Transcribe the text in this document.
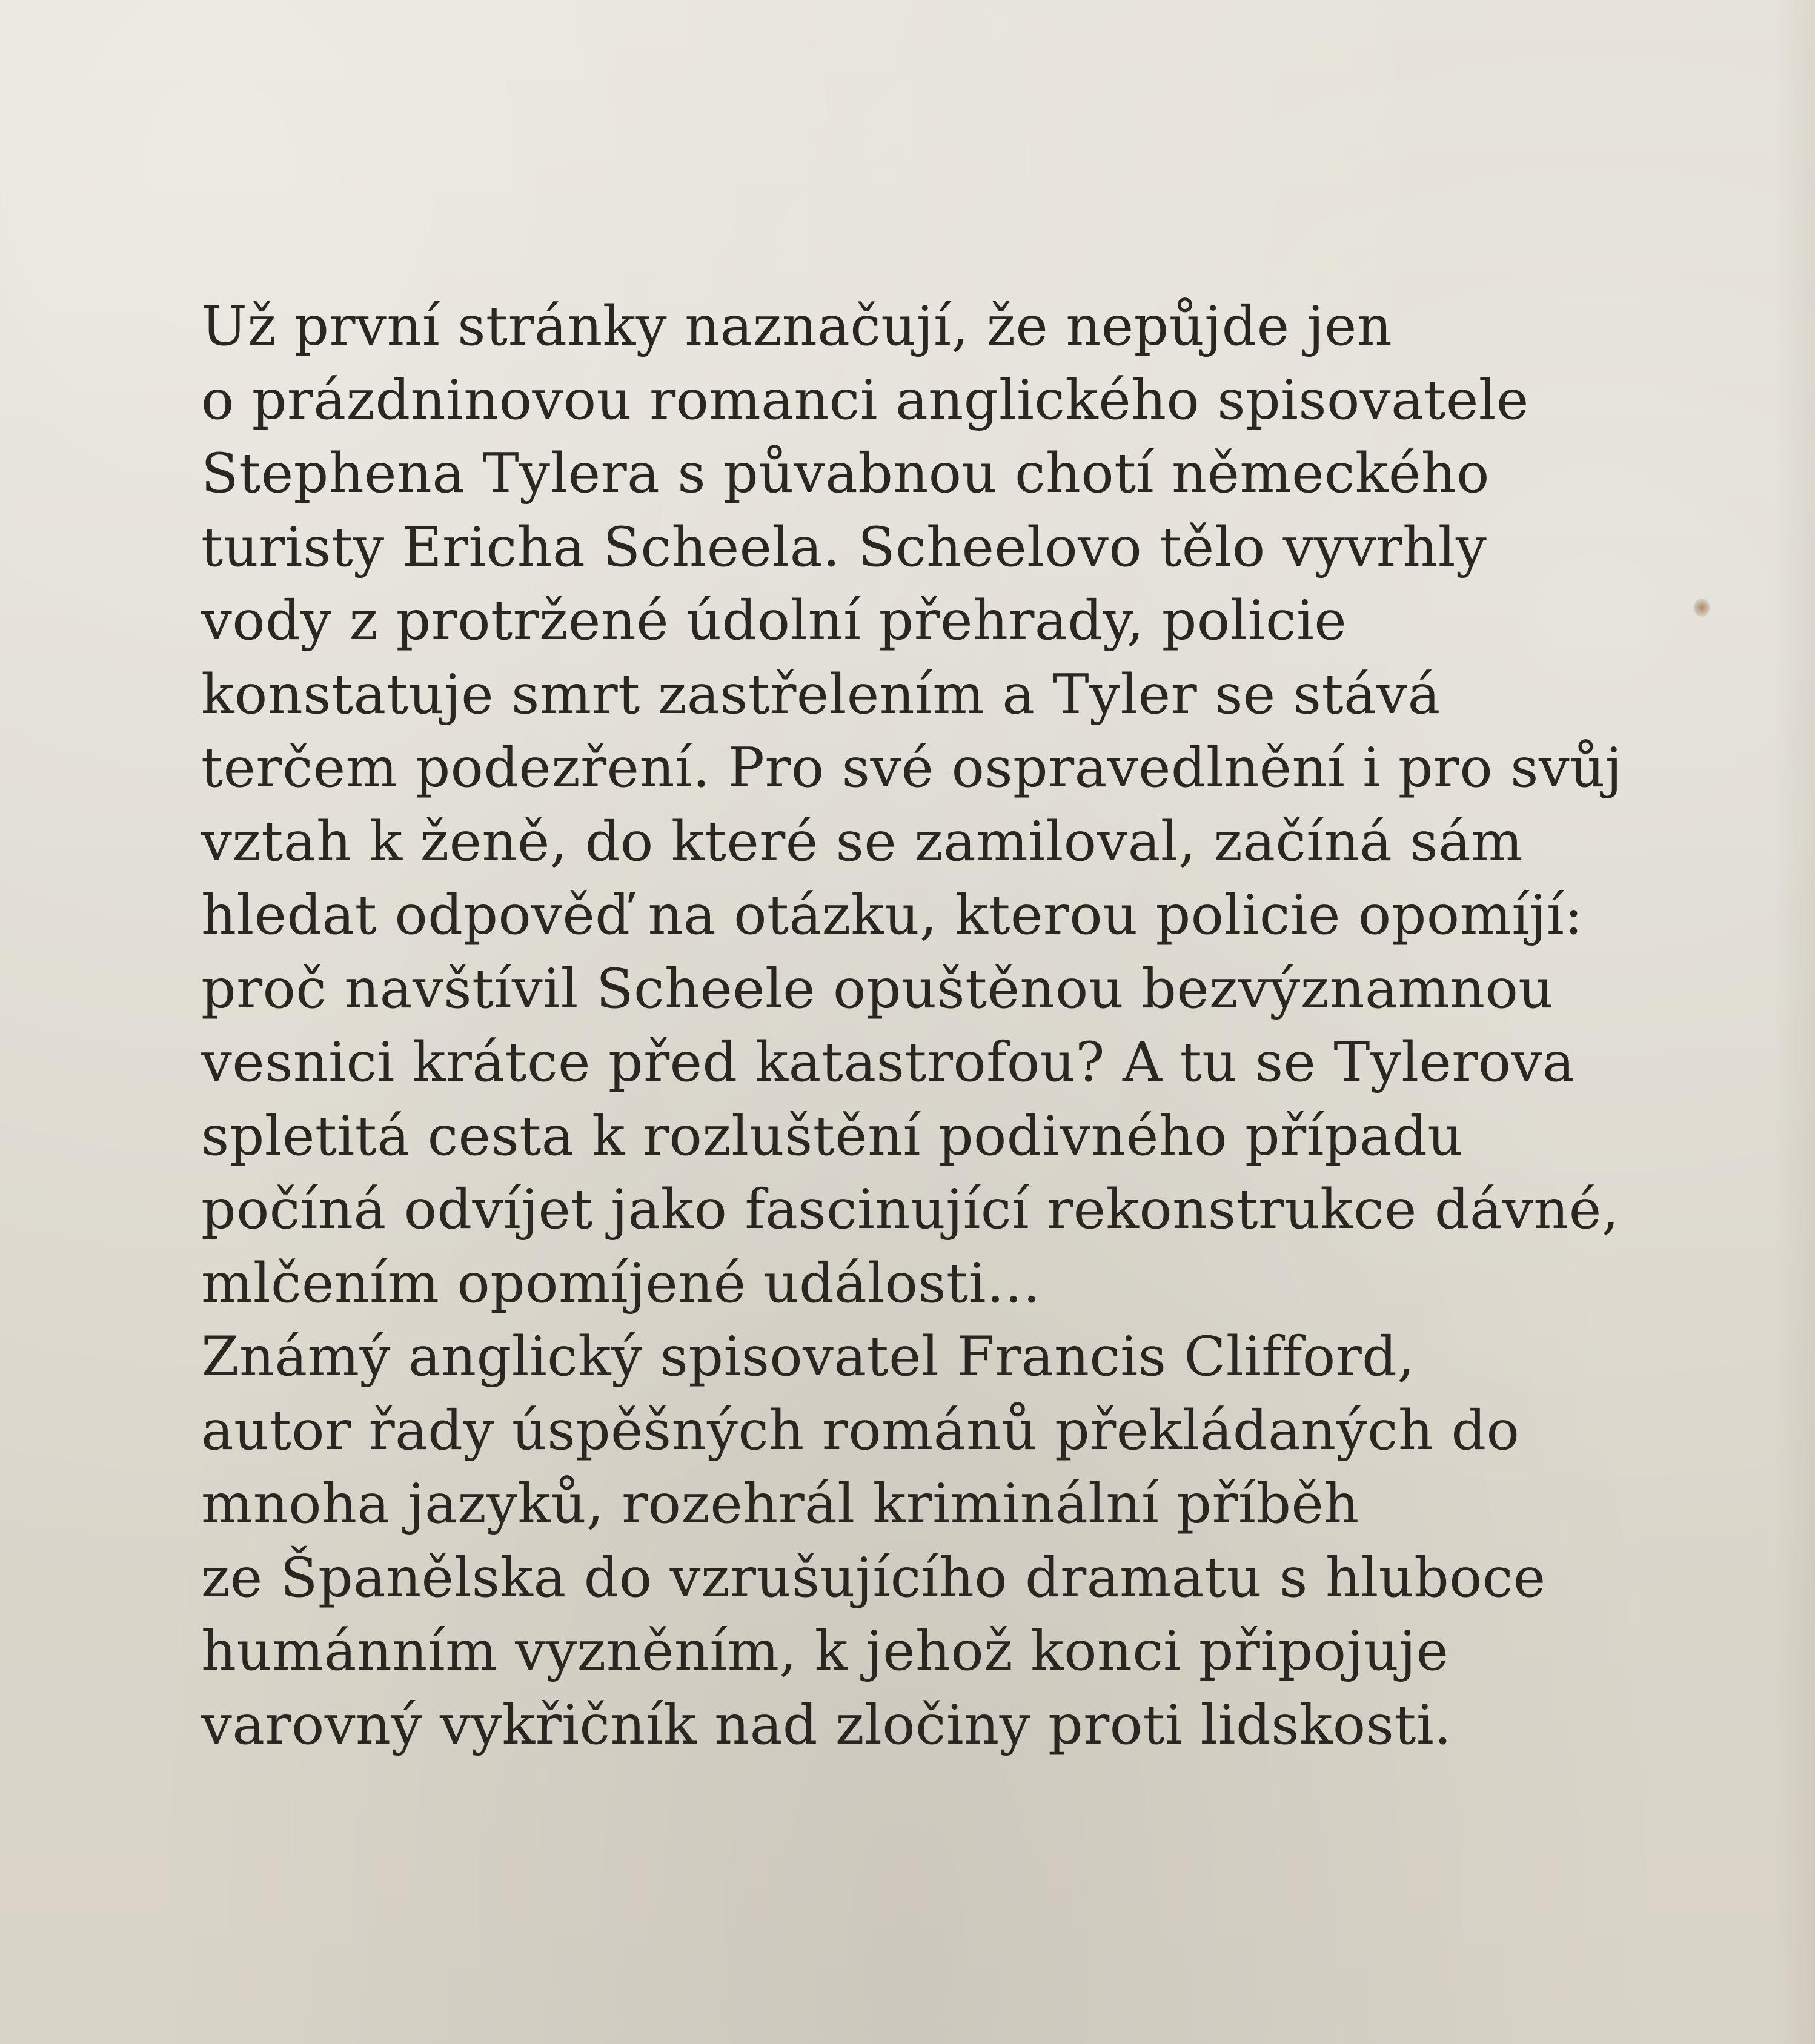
Už první stránky naznačují, že nepůjde jen
o prázdninovou romanci anglického spisovatele
Stephena Tylera s půvabnou chotí německého
turisty Ericha Scheela. Scheelovo tělo vyvrhly
vody z protržené údolní přehrady, policie
konstatuje smrt zastřelením a Tyler se stává
terčem podezření. Pro své ospravedlnění i pro svůj
vztah k ženě, do které se zamiloval, začíná sám
hledat odpověď na otázku, kterou policie opomíjí:
proč navštívil Scheele opuštěnou bezvýznamnou
vesnici krátce před katastrofou? A tu se Tylerova
spletitá cesta k rozluštění podivného případu
počíná odvíjet jako fascinující rekonstrukce dávné,
mlčením opomíjené události…
Známý anglický spisovatel Francis Clifford,
autor řady úspěšných románů překládaných do
mnoha jazyků, rozehrál kriminální příběh
ze Španělska do vzrušujícího dramatu s hluboce
humánním vyzněním, k jehož konci připojuje
varovný vykřičník nad zločiny proti lidskosti.
